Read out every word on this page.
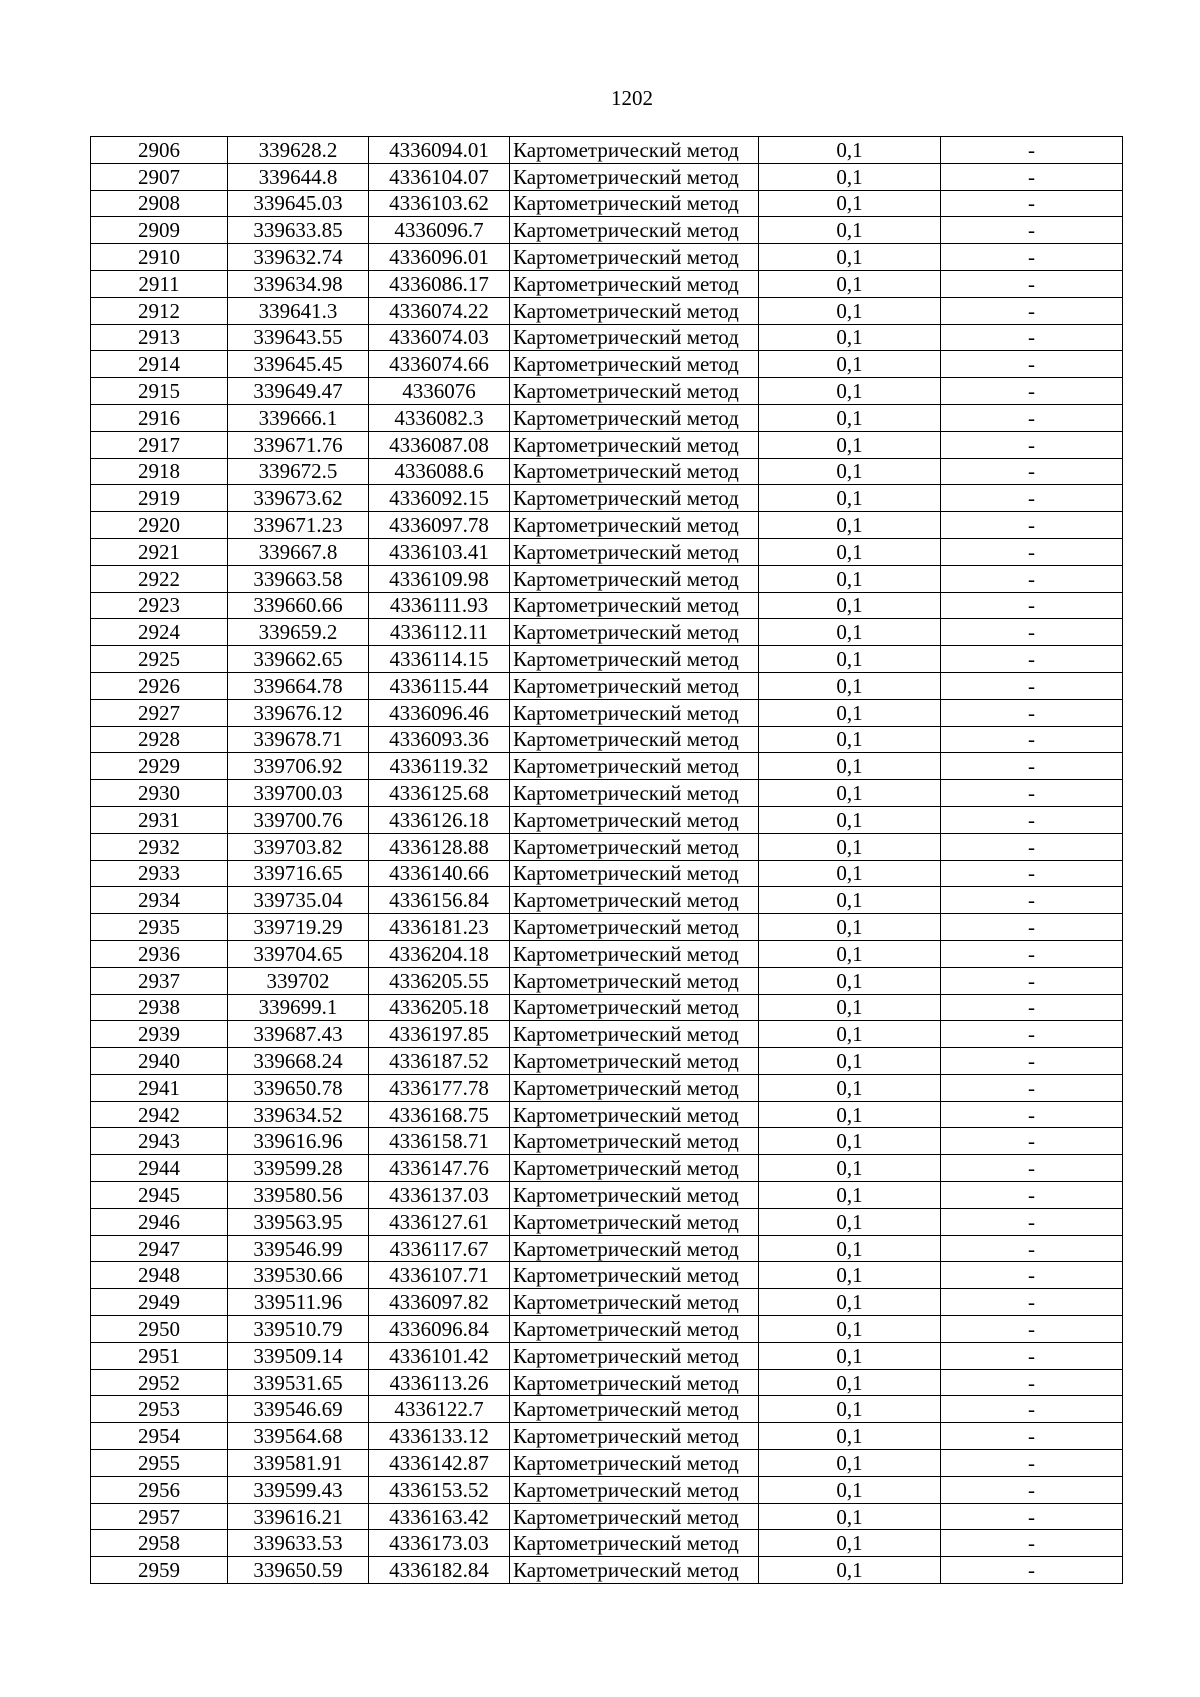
1202
2906	339628.2	4336094.01	Картометрический метод	0,1	-
2907	339644.8	4336104.07	Картометрический метод	0,1	-
2908	339645.03	4336103.62	Картометрический метод	0,1	-
2909	339633.85	4336096.7	Картометрический метод	0,1	-
2910	339632.74	4336096.01	Картометрический метод	0,1	-
2911	339634.98	4336086.17	Картометрический метод	0,1	-
2912	339641.3	4336074.22	Картометрический метод	0,1	-
2913	339643.55	4336074.03	Картометрический метод	0,1	-
2914	339645.45	4336074.66	Картометрический метод	0,1	-
2915	339649.47	4336076	Картометрический метод	0,1	-
2916	339666.1	4336082.3	Картометрический метод	0,1	-
2917	339671.76	4336087.08	Картометрический метод	0,1	-
2918	339672.5	4336088.6	Картометрический метод	0,1	-
2919	339673.62	4336092.15	Картометрический метод	0,1	-
2920	339671.23	4336097.78	Картометрический метод	0,1	-
2921	339667.8	4336103.41	Картометрический метод	0,1	-
2922	339663.58	4336109.98	Картометрический метод	0,1	-
2923	339660.66	4336111.93	Картометрический метод	0,1	-
2924	339659.2	4336112.11	Картометрический метод	0,1	-
2925	339662.65	4336114.15	Картометрический метод	0,1	-
2926	339664.78	4336115.44	Картометрический метод	0,1	-
2927	339676.12	4336096.46	Картометрический метод	0,1	-
2928	339678.71	4336093.36	Картометрический метод	0,1	-
2929	339706.92	4336119.32	Картометрический метод	0,1	-
2930	339700.03	4336125.68	Картометрический метод	0,1	-
2931	339700.76	4336126.18	Картометрический метод	0,1	-
2932	339703.82	4336128.88	Картометрический метод	0,1	-
2933	339716.65	4336140.66	Картометрический метод	0,1	-
2934	339735.04	4336156.84	Картометрический метод	0,1	-
2935	339719.29	4336181.23	Картометрический метод	0,1	-
2936	339704.65	4336204.18	Картометрический метод	0,1	-
2937	339702	4336205.55	Картометрический метод	0,1	-
2938	339699.1	4336205.18	Картометрический метод	0,1	-
2939	339687.43	4336197.85	Картометрический метод	0,1	-
2940	339668.24	4336187.52	Картометрический метод	0,1	-
2941	339650.78	4336177.78	Картометрический метод	0,1	-
2942	339634.52	4336168.75	Картометрический метод	0,1	-
2943	339616.96	4336158.71	Картометрический метод	0,1	-
2944	339599.28	4336147.76	Картометрический метод	0,1	-
2945	339580.56	4336137.03	Картометрический метод	0,1	-
2946	339563.95	4336127.61	Картометрический метод	0,1	-
2947	339546.99	4336117.67	Картометрический метод	0,1	-
2948	339530.66	4336107.71	Картометрический метод	0,1	-
2949	339511.96	4336097.82	Картометрический метод	0,1	-
2950	339510.79	4336096.84	Картометрический метод	0,1	-
2951	339509.14	4336101.42	Картометрический метод	0,1	-
2952	339531.65	4336113.26	Картометрический метод	0,1	-
2953	339546.69	4336122.7	Картометрический метод	0,1	-
2954	339564.68	4336133.12	Картометрический метод	0,1	-
2955	339581.91	4336142.87	Картометрический метод	0,1	-
2956	339599.43	4336153.52	Картометрический метод	0,1	-
2957	339616.21	4336163.42	Картометрический метод	0,1	-
2958	339633.53	4336173.03	Картометрический метод	0,1	-
2959	339650.59	4336182.84	Картометрический метод	0,1	-
